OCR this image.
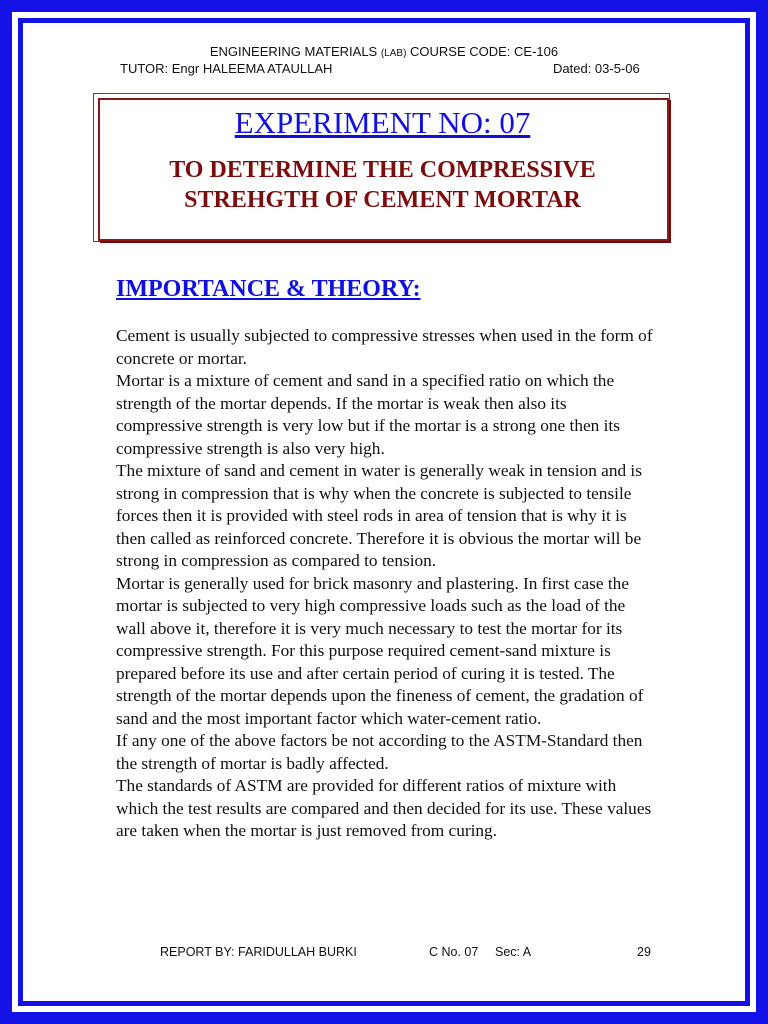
ENGINEERING MATERIALS (LAB) COURSE CODE: CE-106
TUTOR: Engr HALEEMA ATAULLAH	Dated: 03-5-06
EXPERIMENT NO: 07
TO DETERMINE THE COMPRESSIVE
STREHGTH OF CEMENT MORTAR
IMPORTANCE & THEORY:

Cement is usually subjected to compressive stresses when used in the form of concrete or mortar.

Mortar is a mixture of cement and sand in a specified ratio on which the strength of the mortar depends. If the mortar is weak then also its compressive strength is very low but if the mortar is a strong one then its compressive strength is also very high.

The mixture of sand and cement in water is generally weak in tension and is strong in compression that is why when the concrete is subjected to tensile forces then it is provided with steel rods in area of tension that is why it is then called as reinforced concrete. Therefore it is obvious the mortar will be strong in compression as compared to tension.

Mortar is generally used for brick masonry and plastering. In first case the mortar is subjected to very high compressive loads such as the load of the wall above it, therefore it is very much necessary to test the mortar for its compressive strength. For this purpose required cement-sand mixture is prepared before its use and after certain period of curing it is tested. The strength of the mortar depends upon the fineness of cement, the gradation of sand and the most important factor which water-cement ratio.

If any one of the above factors be not according to the ASTM-Standard then the strength of mortar is badly affected.

The standards of ASTM are provided for different ratios of mixture with which the test results are compared and then decided for its use. These values are taken when the mortar is just removed from curing.

REPORT BY: FARIDULLAH BURKI	C No. 07 Sec: A	29
